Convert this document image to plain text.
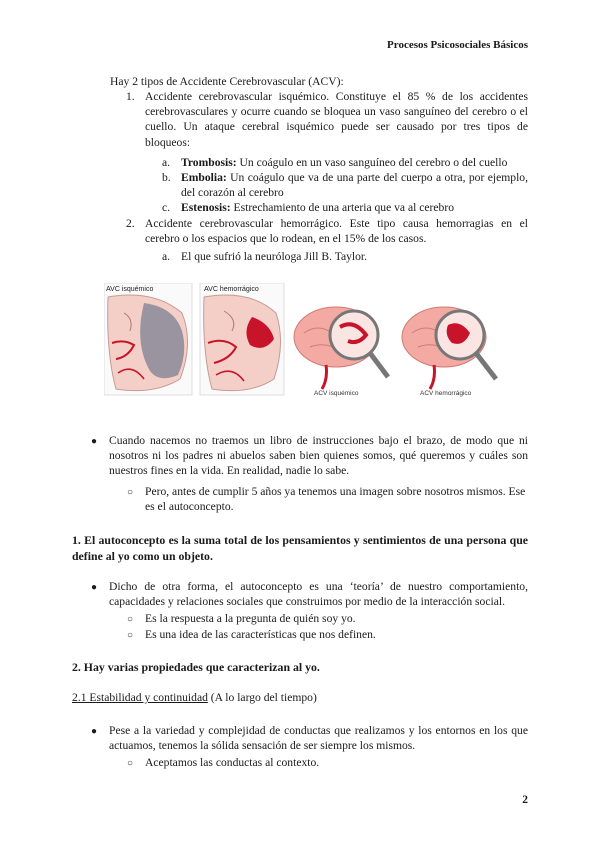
Procesos Psicosociales Básicos
Hay 2 tipos de Accidente Cerebrovascular (ACV):
1. Accidente cerebrovascular isquémico. Constituye el 85 % de los accidentes cerebrovasculares y ocurre cuando se bloquea un vaso sanguíneo del cerebro o el cuello. Un ataque cerebral isquémico puede ser causado por tres tipos de bloqueos:
a. Trombosis: Un coágulo en un vaso sanguíneo del cerebro o del cuello
b. Embolia: Un coágulo que va de una parte del cuerpo a otra, por ejemplo, del corazón al cerebro
c. Estenosis: Estrechamiento de una arteria que va al cerebro
2. Accidente cerebrovascular hemorrágico. Este tipo causa hemorragias en el cerebro o los espacios que lo rodean, en el 15% de los casos.
a. El que sufrió la neuróloga Jill B. Taylor.
AVC isquémico	AVC hemorrágico
ACV isquémico	ACV hemorrágico
● Cuando nacemos no traemos un libro de instrucciones bajo el brazo, de modo que ni nosotros ni los padres ni abuelos saben bien quienes somos, qué queremos y cuáles son nuestros fines en la vida. En realidad, nadie lo sabe.
○ Pero, antes de cumplir 5 años ya tenemos una imagen sobre nosotros mismos. Ese es el autoconcepto.
1. El autoconcepto es la suma total de los pensamientos y sentimientos de una persona que define al yo como un objeto.
● Dicho de otra forma, el autoconcepto es una ‘teoría’ de nuestro comportamiento, capacidades y relaciones sociales que construimos por medio de la interacción social.
○ Es la respuesta a la pregunta de quién soy yo.
○ Es una idea de las características que nos definen.
2. Hay varias propiedades que caracterizan al yo.
2.1 Estabilidad y continuidad (A lo largo del tiempo)
● Pese a la variedad y complejidad de conductas que realizamos y los entornos en los que actuamos, tenemos la sólida sensación de ser siempre los mismos.
○ Aceptamos las conductas al contexto.
2
